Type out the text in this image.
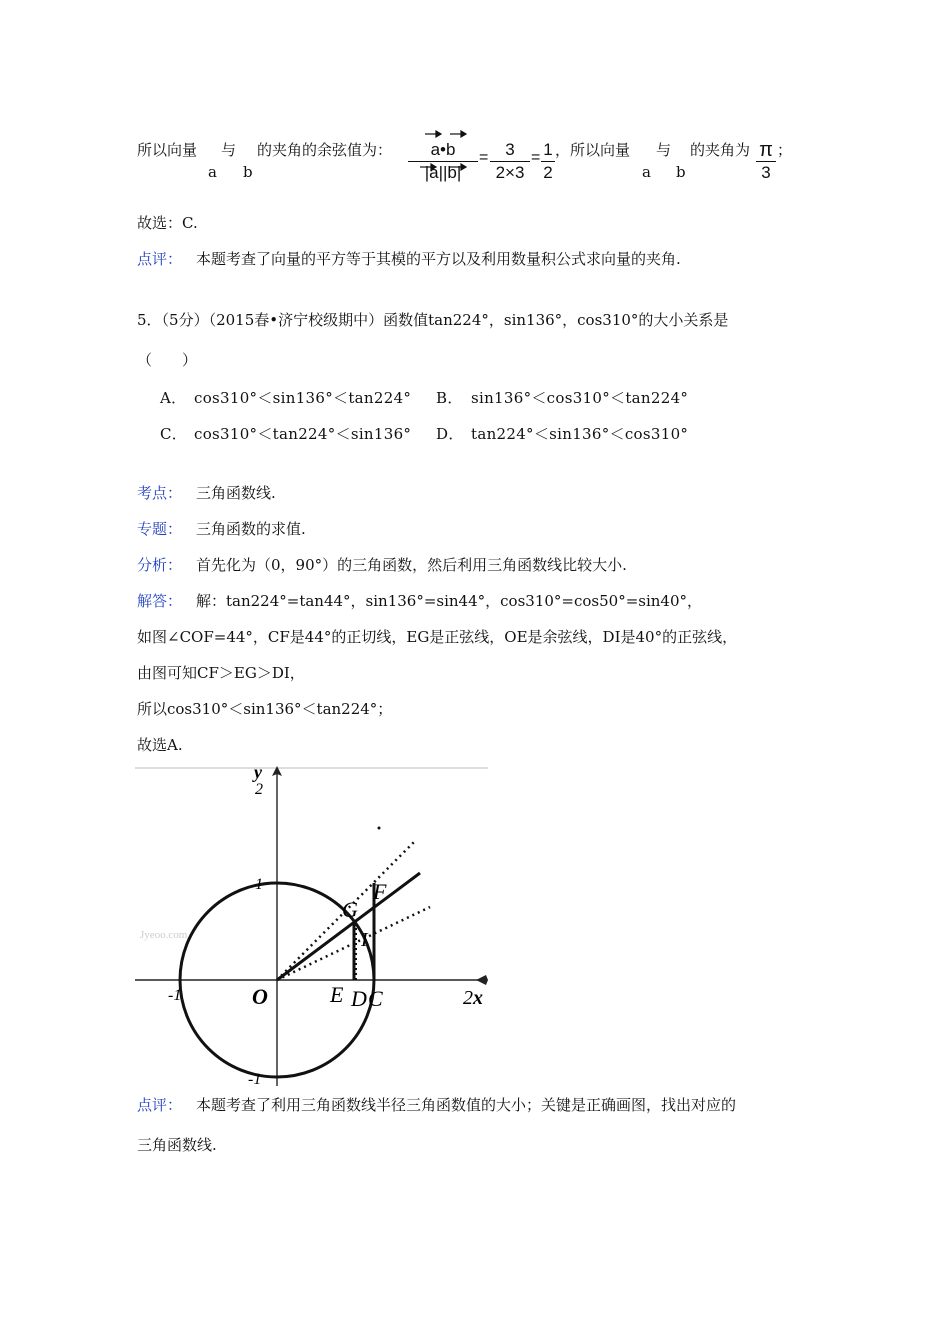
所以向量 与 的夹角的余弦值为：
a b
a•b
|a||b|
= 3
2×3
= 1
2
，所以向量 与 的夹角为
a b
π
3
；
故选：C.
点评： 本题考查了向量的平方等于其模的平方以及利用数量积公式求向量的夹角.
5．（5分）（2015春•济宁校级期中）函数值tan224°，sin136°，cos310°的大小关系是
（　　）
A． cos310°＜sin136°＜tan224° B． sin136°＜cos310°＜tan224°
C． cos310°＜tan224°＜sin136° D． tan224°＜sin136°＜cos310°
考点： 三角函数线.
专题： 三角函数的求值.
分析： 首先化为（0，90°）的三角函数，然后利用三角函数线比较大小.
解答： 解：tan224°=tan44°，sin136°=sin44°，cos310°=cos50°=sin40°，
如图∠COF=44°，CF是44°的正切线，EG是正弦线，OE是余弦线，DI是40°的正弦线，
由图可知CF＞EG＞DI，
所以cos310°＜sin136°＜tan224°；
故选A.
Jyeoo.com
y
2
1
-1
-1	O	2 x
G
F
I
E D C
点评： 本题考查了利用三角函数线半径三角函数值的大小；关键是正确画图，找出对应的
三角函数线.
